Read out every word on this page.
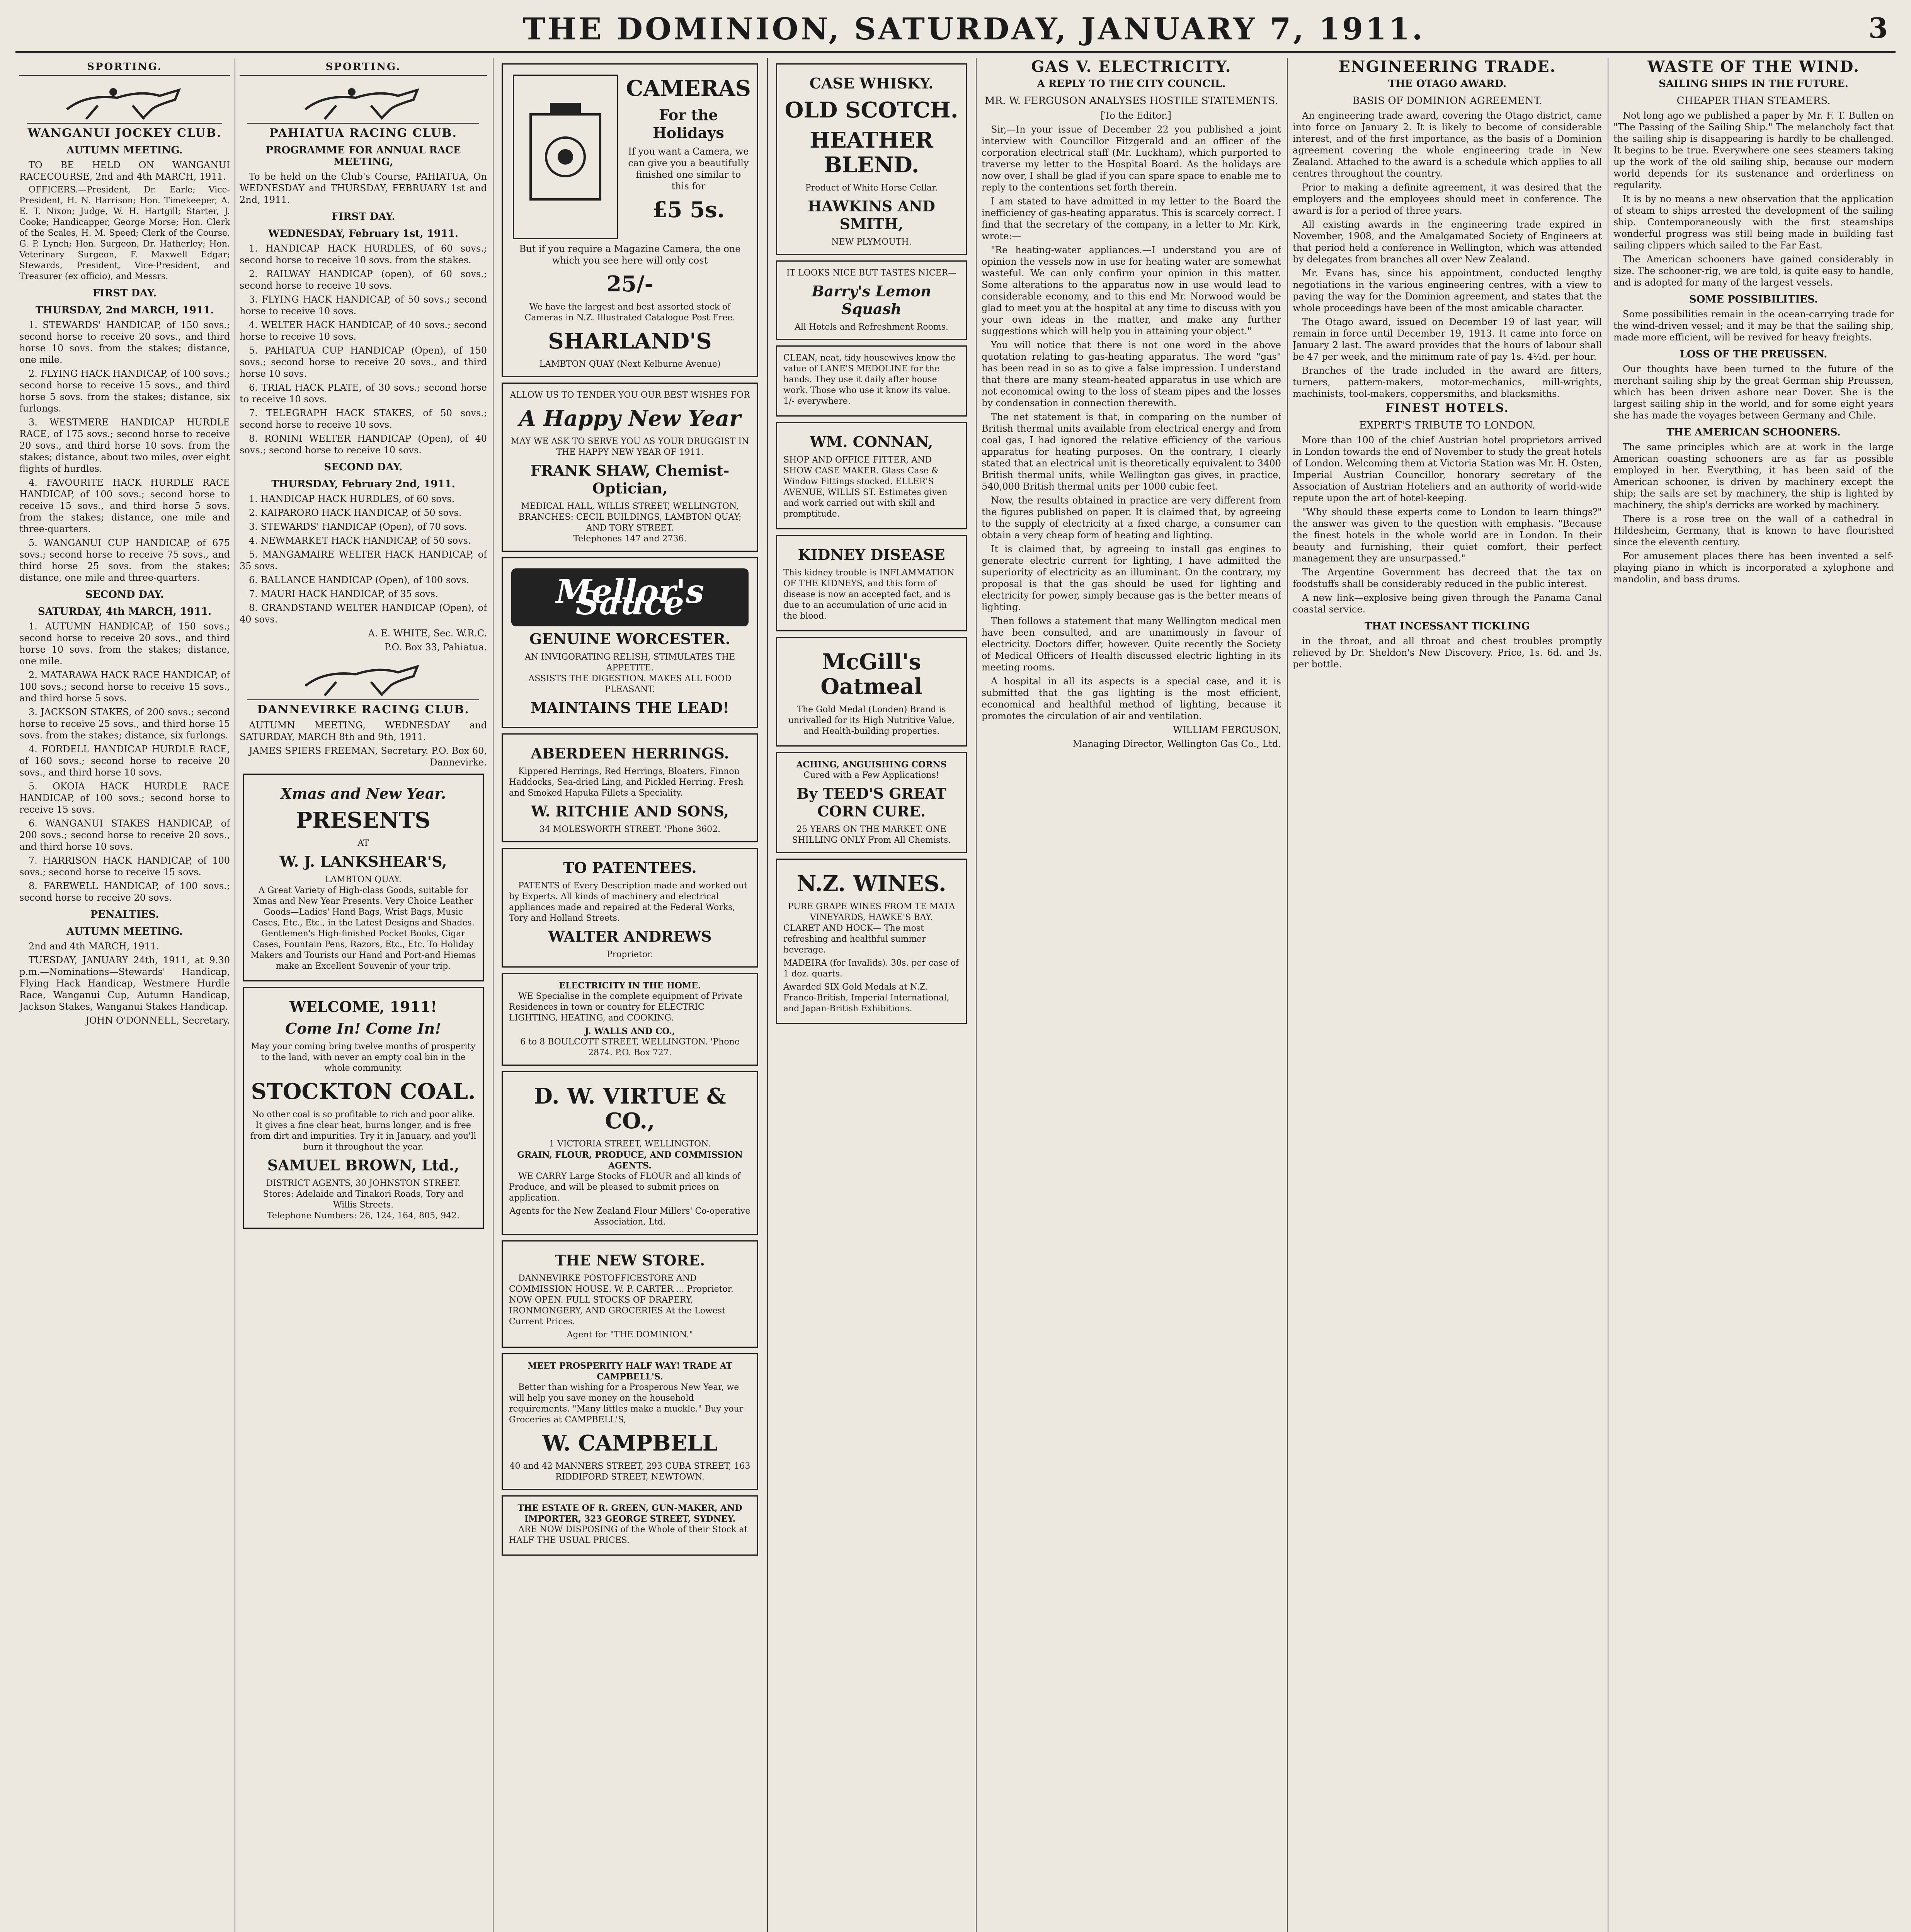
THE DOMINION, SATURDAY, JANUARY 7, 1911.	3
SPORTING.
WANGANUI JOCKEY CLUB.
AUTUMN MEETING.

TO BE HELD ON WANGANUI RACECOURSE, 2nd and 4th MARCH, 1911.

OFFICERS.—President, Dr. Earle; Vice-President, H. N. Harrison; Hon. Timekeeper, A. E. T. Nixon; Judge, W. H. Hartgill; Starter, J. Cooke; Handicapper, George Morse; Hon. Clerk of the Scales, H. M. Speed; Clerk of the Course, G. P. Lynch; Hon. Surgeon, Dr. Hatherley; Hon. Veterinary Surgeon, F. Maxwell Edgar; Stewards, President, Vice-President, and Treasurer (ex officio), and Messrs.

FIRST DAY.
THURSDAY, 2nd MARCH, 1911.

1. STEWARDS' HANDICAP, of 150 sovs.; second horse to receive 20 sovs., and third horse 10 sovs. from the stakes; distance, one mile.

2. FLYING HACK HANDICAP, of 100 sovs.; second horse to receive 15 sovs., and third horse 5 sovs. from the stakes; distance, six furlongs.

3. WESTMERE HANDICAP HURDLE RACE, of 175 sovs.; second horse to receive 20 sovs., and third horse 10 sovs. from the stakes; distance, about two miles, over eight flights of hurdles.

4. FAVOURITE HACK HURDLE RACE HANDICAP, of 100 sovs.; second horse to receive 15 sovs., and third horse 5 sovs. from the stakes; distance, one mile and three-quarters.

5. WANGANUI CUP HANDICAP, of 675 sovs.; second horse to receive 75 sovs., and third horse 25 sovs. from the stakes; distance, one mile and three-quarters.

SECOND DAY.
SATURDAY, 4th MARCH, 1911.

1. AUTUMN HANDICAP, of 150 sovs.; second horse to receive 20 sovs., and third horse 10 sovs. from the stakes; distance, one mile.

2. MATARAWA HACK RACE HANDICAP, of 100 sovs.; second horse to receive 15 sovs., and third horse 5 sovs.

3. JACKSON STAKES, of 200 sovs.; second horse to receive 25 sovs., and third horse 15 sovs. from the stakes; distance, six furlongs.

4. FORDELL HANDICAP HURDLE RACE, of 160 sovs.; second horse to receive 20 sovs., and third horse 10 sovs.

5. OKOIA HACK HURDLE RACE HANDICAP, of 100 sovs.; second horse to receive 15 sovs.

6. WANGANUI STAKES HANDICAP, of 200 sovs.; second horse to receive 20 sovs., and third horse 10 sovs.

7. HARRISON HACK HANDICAP, of 100 sovs.; second horse to receive 15 sovs.

8. FAREWELL HANDICAP, of 100 sovs.; second horse to receive 20 sovs.

PENALTIES.
AUTUMN MEETING.

2nd and 4th MARCH, 1911.

TUESDAY, JANUARY 24th, 1911, at 9.30 p.m.—Nominations—Stewards' Handicap, Flying Hack Handicap, Westmere Hurdle Race, Wanganui Cup, Autumn Handicap, Jackson Stakes, Wanganui Stakes Handicap.

JOHN O'DONNELL, Secretary.

SPORTING.
PAHIATUA RACING CLUB.
PROGRAMME FOR ANNUAL RACE MEETING,

To be held on the Club's Course, PAHIATUA, On WEDNESDAY and THURSDAY, FEBRUARY 1st and 2nd, 1911.

FIRST DAY.
WEDNESDAY, February 1st, 1911.

1. HANDICAP HACK HURDLES, of 60 sovs.; second horse to receive 10 sovs. from the stakes.

2. RAILWAY HANDICAP (open), of 60 sovs.; second horse to receive 10 sovs.

3. FLYING HACK HANDICAP, of 50 sovs.; second horse to receive 10 sovs.

4. WELTER HACK HANDICAP, of 40 sovs.; second horse to receive 10 sovs.

5. PAHIATUA CUP HANDICAP (Open), of 150 sovs.; second horse to receive 20 sovs., and third horse 10 sovs.

6. TRIAL HACK PLATE, of 30 sovs.; second horse to receive 10 sovs.

7. TELEGRAPH HACK STAKES, of 50 sovs.; second horse to receive 10 sovs.

8. RONINI WELTER HANDICAP (Open), of 40 sovs.; second horse to receive 10 sovs.

SECOND DAY.
THURSDAY, February 2nd, 1911.

1. HANDICAP HACK HURDLES, of 60 sovs.

2. KAIPARORO HACK HANDICAP, of 50 sovs.

3. STEWARDS' HANDICAP (Open), of 70 sovs.

4. NEWMARKET HACK HANDICAP, of 50 sovs.

5. MANGAMAIRE WELTER HACK HANDICAP, of 35 sovs.

6. BALLANCE HANDICAP (Open), of 100 sovs.

7. MAURI HACK HANDICAP, of 35 sovs.

8. GRANDSTAND WELTER HANDICAP (Open), of 40 sovs.

A. E. WHITE, Sec. W.R.C.

P.O. Box 33, Pahiatua.

DANNEVIRKE RACING CLUB.

AUTUMN MEETING, WEDNESDAY and SATURDAY, MARCH 8th and 9th, 1911.

JAMES SPIERS FREEMAN, Secretary. P.O. Box 60, Dannevirke.

Xmas and New Year.
PRESENTS
AT
W. J. LANKSHEAR'S,
LAMBTON QUAY.

A Great Variety of High-class Goods, suitable for Xmas and New Year Presents. Very Choice Leather Goods—Ladies' Hand Bags, Wrist Bags, Music Cases, Etc., Etc., in the Latest Designs and Shades. Gentlemen's High-finished Pocket Books, Cigar Cases, Fountain Pens, Razors, Etc., Etc. To Holiday Makers and Tourists our Hand and Port-and Hiemas make an Excellent Souvenir of your trip.

WELCOME, 1911!
Come In! Come In!

May your coming bring twelve months of prosperity to the land, with never an empty coal bin in the whole community.

STOCKTON COAL.

No other coal is so profitable to rich and poor alike. It gives a fine clear heat, burns longer, and is free from dirt and impurities. Try it in January, and you'll burn it throughout the year.

SAMUEL BROWN, Ltd.,
DISTRICT AGENTS, 30 JOHNSTON STREET.
Stores: Adelaide and Tinakori Roads, Tory and Willis Streets.
Telephone Numbers: 26, 124, 164, 805, 942.
CAMERAS
For the Holidays

If you want a Camera, we can give you a beautifully finished one similar to this for

£5 5s.

But if you require a Magazine Camera, the one which you see here will only cost

25/-

We have the largest and best assorted stock of Cameras in N.Z. Illustrated Catalogue Post Free.

SHARLAND'S
LAMBTON QUAY (Next Kelburne Avenue)
ALLOW US TO TENDER YOU OUR BEST WISHES FOR
A Happy New Year
MAY WE ASK TO SERVE YOU AS YOUR DRUGGIST IN THE HAPPY NEW YEAR OF 1911.
FRANK SHAW, Chemist-Optician,
MEDICAL HALL, WILLIS STREET, WELLINGTON,
BRANCHES: CECIL BUILDINGS, LAMBTON QUAY; AND TORY STREET.
Telephones 147 and 2736.
Mellor's Sauce
GENUINE WORCESTER.
AN INVIGORATING RELISH, STIMULATES THE APPETITE.
ASSISTS THE DIGESTION. MAKES ALL FOOD PLEASANT.
MAINTAINS THE LEAD!
ABERDEEN HERRINGS.

Kippered Herrings, Red Herrings, Bloaters, Finnon Haddocks, Sea-dried Ling, and Pickled Herring. Fresh and Smoked Hapuka Fillets a Speciality.

W. RITCHIE AND SONS,
34 MOLESWORTH STREET. 'Phone 3602.
TO PATENTEES.

PATENTS of Every Description made and worked out by Experts. All kinds of machinery and electrical appliances made and repaired at the Federal Works, Tory and Holland Streets.

WALTER ANDREWS
Proprietor.
ELECTRICITY IN THE HOME.

WE Specialise in the complete equipment of Private Residences in town or country for ELECTRIC LIGHTING, HEATING, and COOKING.

J. WALLS AND CO.,
6 to 8 BOULCOTT STREET, WELLINGTON. 'Phone 2874. P.O. Box 727.
D. W. VIRTUE & CO.,
1 VICTORIA STREET, WELLINGTON.
GRAIN, FLOUR, PRODUCE, AND COMMISSION AGENTS.

WE CARRY Large Stocks of FLOUR and all kinds of Produce, and will be pleased to submit prices on application.

Agents for the New Zealand Flour Millers' Co-operative Association, Ltd.
THE NEW STORE.

DANNEVIRKE POSTOFFICESTORE AND COMMISSION HOUSE. W. P. CARTER ... Proprietor. NOW OPEN. FULL STOCKS OF DRAPERY, IRONMONGERY, AND GROCERIES At the Lowest Current Prices.

Agent for "THE DOMINION."
MEET PROSPERITY HALF WAY! TRADE AT CAMPBELL'S.

Better than wishing for a Prosperous New Year, we will help you save money on the household requirements. "Many littles make a muckle." Buy your Groceries at CAMPBELL'S,

W. CAMPBELL
40 and 42 MANNERS STREET, 293 CUBA STREET, 163 RIDDIFORD STREET, NEWTOWN.
THE ESTATE OF R. GREEN, GUN-MAKER, AND IMPORTER, 323 GEORGE STREET, SYDNEY.

ARE NOW DISPOSING of the Whole of their Stock at HALF THE USUAL PRICES.

CASE WHISKY.
OLD SCOTCH.
HEATHER BLEND.
Product of White Horse Cellar.
HAWKINS AND SMITH,
NEW PLYMOUTH.
IT LOOKS NICE BUT TASTES NICER—
Barry's Lemon Squash
All Hotels and Refreshment Rooms.

CLEAN, neat, tidy housewives know the value of LANE'S MEDOLINE for the hands. They use it daily after house work. Those who use it know its value. 1/- everywhere.

WM. CONNAN,

SHOP AND OFFICE FITTER, AND SHOW CASE MAKER. Glass Case & Window Fittings stocked. ELLER'S AVENUE, WILLIS ST. Estimates given and work carried out with skill and promptitude.

KIDNEY DISEASE

This kidney trouble is INFLAMMATION OF THE KIDNEYS, and this form of disease is now an accepted fact, and is due to an accumulation of uric acid in the blood.

McGill's Oatmeal

The Gold Medal (Londen) Brand is unrivalled for its High Nutritive Value, and Health-building properties.

ACHING, ANGUISHING CORNS
Cured with a Few Applications!
By TEED'S GREAT CORN CURE.
25 YEARS ON THE MARKET. ONE SHILLING ONLY From All Chemists.
N.Z. WINES.
PURE GRAPE WINES FROM TE MATA VINEYARDS, HAWKE'S BAY.

CLARET AND HOCK— The most refreshing and healthful summer beverage.

MADEIRA (for Invalids). 30s. per case of 1 doz. quarts.

Awarded SIX Gold Medals at N.Z. Franco-British, Imperial International, and Japan-British Exhibitions.

GAS V. ELECTRICITY.
A REPLY TO THE CITY COUNCIL.
MR. W. FERGUSON ANALYSES HOSTILE STATEMENTS.

[To the Editor.]

Sir,—In your issue of December 22 you published a joint interview with Councillor Fitzgerald and an officer of the corporation electrical staff (Mr. Luckham), which purported to traverse my letter to the Hospital Board. As the holidays are now over, I shall be glad if you can spare space to enable me to reply to the contentions set forth therein.

I am stated to have admitted in my letter to the Board the inefficiency of gas-heating apparatus. This is scarcely correct. I find that the secretary of the company, in a letter to Mr. Kirk, wrote:—

"Re heating-water appliances.—I understand you are of opinion the vessels now in use for heating water are somewhat wasteful. We can only confirm your opinion in this matter. Some alterations to the apparatus now in use would lead to considerable economy, and to this end Mr. Norwood would be glad to meet you at the hospital at any time to discuss with you your own ideas in the matter, and make any further suggestions which will help you in attaining your object."

You will notice that there is not one word in the above quotation relating to gas-heating apparatus. The word "gas" has been read in so as to give a false impression. I understand that there are many steam-heated apparatus in use which are not economical owing to the loss of steam pipes and the losses by condensation in connection therewith.

The net statement is that, in comparing on the number of British thermal units available from electrical energy and from coal gas, I had ignored the relative efficiency of the various apparatus for heating purposes. On the contrary, I clearly stated that an electrical unit is theoretically equivalent to 3400 British thermal units, while Wellington gas gives, in practice, 540,000 British thermal units per 1000 cubic feet.

Now, the results obtained in practice are very different from the figures published on paper. It is claimed that, by agreeing to the supply of electricity at a fixed charge, a consumer can obtain a very cheap form of heating and lighting.

It is claimed that, by agreeing to install gas engines to generate electric current for lighting, I have admitted the superiority of electricity as an illuminant. On the contrary, my proposal is that the gas should be used for lighting and electricity for power, simply because gas is the better means of lighting.

Then follows a statement that many Wellington medical men have been consulted, and are unanimously in favour of electricity. Doctors differ, however. Quite recently the Society of Medical Officers of Health discussed electric lighting in its meeting rooms.

A hospital in all its aspects is a special case, and it is submitted that the gas lighting is the most efficient, economical and healthful method of lighting, because it promotes the circulation of air and ventilation.

WILLIAM FERGUSON,

Managing Director, Wellington Gas Co., Ltd.

ENGINEERING TRADE.
THE OTAGO AWARD.
BASIS OF DOMINION AGREEMENT.

An engineering trade award, covering the Otago district, came into force on January 2. It is likely to become of considerable interest, and of the first importance, as the basis of a Dominion agreement covering the whole engineering trade in New Zealand. Attached to the award is a schedule which applies to all centres throughout the country.

Prior to making a definite agreement, it was desired that the employers and the employees should meet in conference. The award is for a period of three years.

All existing awards in the engineering trade expired in November, 1908, and the Amalgamated Society of Engineers at that period held a conference in Wellington, which was attended by delegates from branches all over New Zealand.

Mr. Evans has, since his appointment, conducted lengthy negotiations in the various engineering centres, with a view to paving the way for the Dominion agreement, and states that the whole proceedings have been of the most amicable character.

The Otago award, issued on December 19 of last year, will remain in force until December 19, 1913. It came into force on January 2 last. The award provides that the hours of labour shall be 47 per week, and the minimum rate of pay 1s. 4½d. per hour.

Branches of the trade included in the award are fitters, turners, pattern-makers, motor-mechanics, mill-wrights, machinists, tool-makers, coppersmiths, and blacksmiths.

FINEST HOTELS.
EXPERT'S TRIBUTE TO LONDON.

More than 100 of the chief Austrian hotel proprietors arrived in London towards the end of November to study the great hotels of London. Welcoming them at Victoria Station was Mr. H. Osten, Imperial Austrian Councillor, honorary secretary of the Association of Austrian Hoteliers and an authority of world-wide repute upon the art of hotel-keeping.

"Why should these experts come to London to learn things?" the answer was given to the question with emphasis. "Because the finest hotels in the whole world are in London. In their beauty and furnishing, their quiet comfort, their perfect management they are unsurpassed."

The Argentine Government has decreed that the tax on foodstuffs shall be considerably reduced in the public interest.

A new link—explosive being given through the Panama Canal coastal service.

THAT INCESSANT TICKLING

in the throat, and all throat and chest troubles promptly relieved by Dr. Sheldon's New Discovery. Price, 1s. 6d. and 3s. per bottle.

WASTE OF THE WIND.
SAILING SHIPS IN THE FUTURE.
CHEAPER THAN STEAMERS.

Not long ago we published a paper by Mr. F. T. Bullen on "The Passing of the Sailing Ship." The melancholy fact that the sailing ship is disappearing is hardly to be challenged. It begins to be true. Everywhere one sees steamers taking up the work of the old sailing ship, because our modern world depends for its sustenance and orderliness on regularity.

It is by no means a new observation that the application of steam to ships arrested the development of the sailing ship. Contemporaneously with the first steamships wonderful progress was still being made in building fast sailing clippers which sailed to the Far East.

The American schooners have gained considerably in size. The schooner-rig, we are told, is quite easy to handle, and is adopted for many of the largest vessels.

SOME POSSIBILITIES.

Some possibilities remain in the ocean-carrying trade for the wind-driven vessel; and it may be that the sailing ship, made more efficient, will be revived for heavy freights.

LOSS OF THE PREUSSEN.

Our thoughts have been turned to the future of the merchant sailing ship by the great German ship Preussen, which has been driven ashore near Dover. She is the largest sailing ship in the world, and for some eight years she has made the voyages between Germany and Chile.

THE AMERICAN SCHOONERS.

The same principles which are at work in the large American coasting schooners are as far as possible employed in her. Everything, it has been said of the American schooner, is driven by machinery except the ship; the sails are set by machinery, the ship is lighted by machinery, the ship's derricks are worked by machinery.

There is a rose tree on the wall of a cathedral in Hildesheim, Germany, that is known to have flourished since the eleventh century.

For amusement places there has been invented a self-playing piano in which is incorporated a xylophone and mandolin, and bass drums.
